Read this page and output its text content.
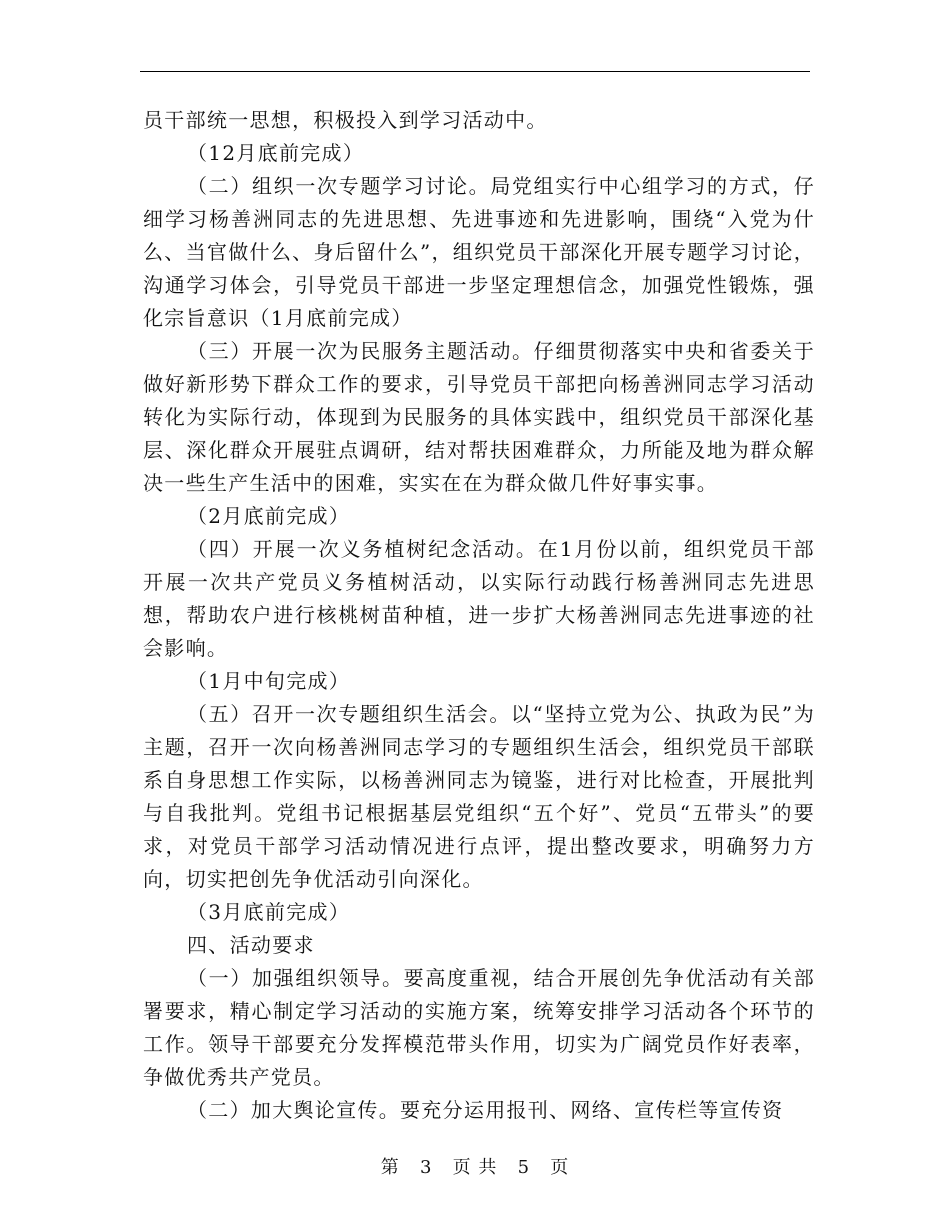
员干部统一思想，积极投入到学习活动中。

（12月底前完成）

（二）组织一次专题学习讨论。局党组实行中心组学习的方式，仔细学习杨善洲同志的先进思想、先进事迹和先进影响，围绕“入党为什么、当官做什么、身后留什么”，组织党员干部深化开展专题学习讨论，沟通学习体会，引导党员干部进一步坚定理想信念，加强党性锻炼，强化宗旨意识（1月底前完成）

（三）开展一次为民服务主题活动。仔细贯彻落实中央和省委关于做好新形势下群众工作的要求，引导党员干部把向杨善洲同志学习活动转化为实际行动，体现到为民服务的具体实践中，组织党员干部深化基层、深化群众开展驻点调研，结对帮扶困难群众，力所能及地为群众解决一些生产生活中的困难，实实在在为群众做几件好事实事。

（2月底前完成）

（四）开展一次义务植树纪念活动。在1月份以前，组织党员干部开展一次共产党员义务植树活动，以实际行动践行杨善洲同志先进思想，帮助农户进行核桃树苗种植，进一步扩大杨善洲同志先进事迹的社会影响。

（1月中旬完成）

（五）召开一次专题组织生活会。以“坚持立党为公、执政为民”为主题，召开一次向杨善洲同志学习的专题组织生活会，组织党员干部联系自身思想工作实际，以杨善洲同志为镜鉴，进行对比检查，开展批判与自我批判。党组书记根据基层党组织“五个好”、党员“五带头”的要求，对党员干部学习活动情况进行点评，提出整改要求，明确努力方向，切实把创先争优活动引向深化。

（3月底前完成）

四、活动要求

（一）加强组织领导。要高度重视，结合开展创先争优活动有关部署要求，精心制定学习活动的实施方案，统筹安排学习活动各个环节的工作。领导干部要充分发挥模范带头作用，切实为广阔党员作好表率，争做优秀共产党员。

（二）加大舆论宣传。要充分运用报刊、网络、宣传栏等宣传资

第 3 页 共 5 页
